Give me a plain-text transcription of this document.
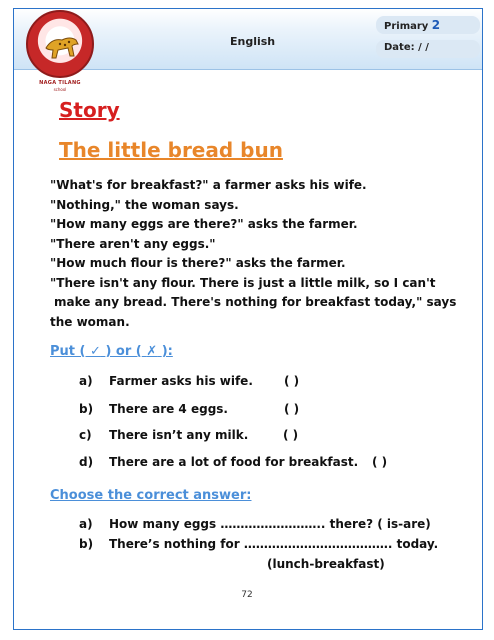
NAGA TILANG
school
English
Primary 2
Date: / /
Story
The little bread bun
"What's for breakfast?" a farmer asks his wife.
"Nothing," the woman says.
"How many eggs are there?" asks the farmer.
"There aren't any eggs."
"How much flour is there?" asks the farmer.
"There isn't any flour. There is just a little milk, so I can't
make any bread. There's nothing for breakfast today," says
the woman.
Put ( ✓ ) or ( ✗ ):
a) Farmer asks his wife.	( )
b) There are 4 eggs.	( )
c) There isn’t any milk.	( )
d) There are a lot of food for breakfast. ( )
Choose the correct answer:
a) How many eggs …………………….. there? ( is-are)
b) There’s nothing for ………………………………. today.
(lunch-breakfast)
72
